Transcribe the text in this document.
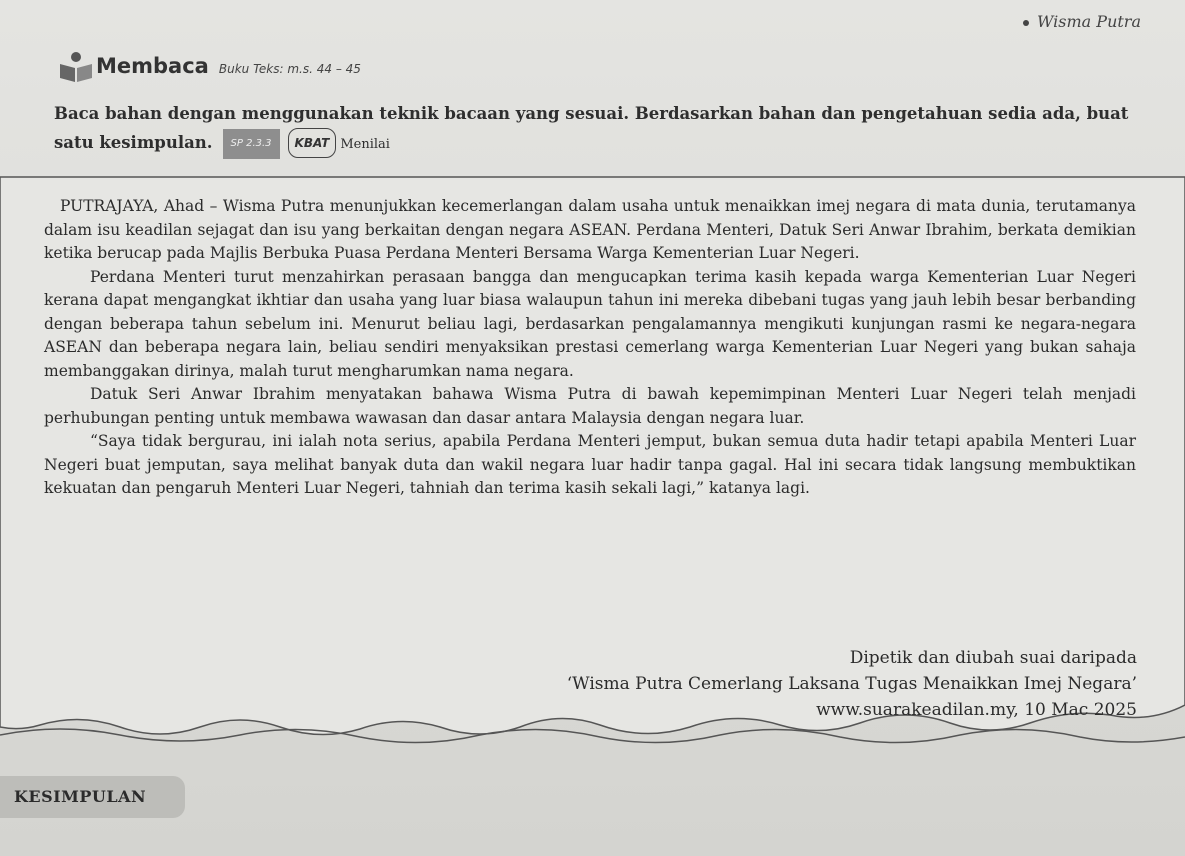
Wisma Putra
Membaca Buku Teks: m.s. 44 – 45

Baca bahan dengan menggunakan teknik bacaan yang sesuai. Berdasarkan bahan dan pengetahuan sedia ada, buat satu kesimpulan. SP 2.3.3 KBAT Menilai

PUTRAJAYA, Ahad – Wisma Putra menunjukkan kecemerlangan dalam usaha untuk menaikkan imej negara di mata dunia, terutamanya dalam isu keadilan sejagat dan isu yang berkaitan dengan negara ASEAN. Perdana Menteri, Datuk Seri Anwar Ibrahim, berkata demikian ketika berucap pada Majlis Berbuka Puasa Perdana Menteri Bersama Warga Kementerian Luar Negeri.

Perdana Menteri turut menzahirkan perasaan bangga dan mengucapkan terima kasih kepada warga Kementerian Luar Negeri kerana dapat mengangkat ikhtiar dan usaha yang luar biasa walaupun tahun ini mereka dibebani tugas yang jauh lebih besar berbanding dengan beberapa tahun sebelum ini. Menurut beliau lagi, berdasarkan pengalamannya mengikuti kunjungan rasmi ke negara-negara ASEAN dan beberapa negara lain, beliau sendiri menyaksikan prestasi cemerlang warga Kementerian Luar Negeri yang bukan sahaja membanggakan dirinya, malah turut mengharumkan nama negara.

Datuk Seri Anwar Ibrahim menyatakan bahawa Wisma Putra di bawah kepemimpinan Menteri Luar Negeri telah menjadi perhubungan penting untuk membawa wawasan dan dasar antara Malaysia dengan negara luar.

“Saya tidak bergurau, ini ialah nota serius, apabila Perdana Menteri jemput, bukan semua duta hadir tetapi apabila Menteri Luar Negeri buat jemputan, saya melihat banyak duta dan wakil negara luar hadir tanpa gagal. Hal ini secara tidak langsung membuktikan kekuatan dan pengaruh Menteri Luar Negeri, tahniah dan terima kasih sekali lagi,” katanya lagi.

Dipetik dan diubah suai daripada
‘Wisma Putra Cemerlang Laksana Tugas Menaikkan Imej Negara’
www.suarakeadilan.my, 10 Mac 2025
KESIMPULAN
